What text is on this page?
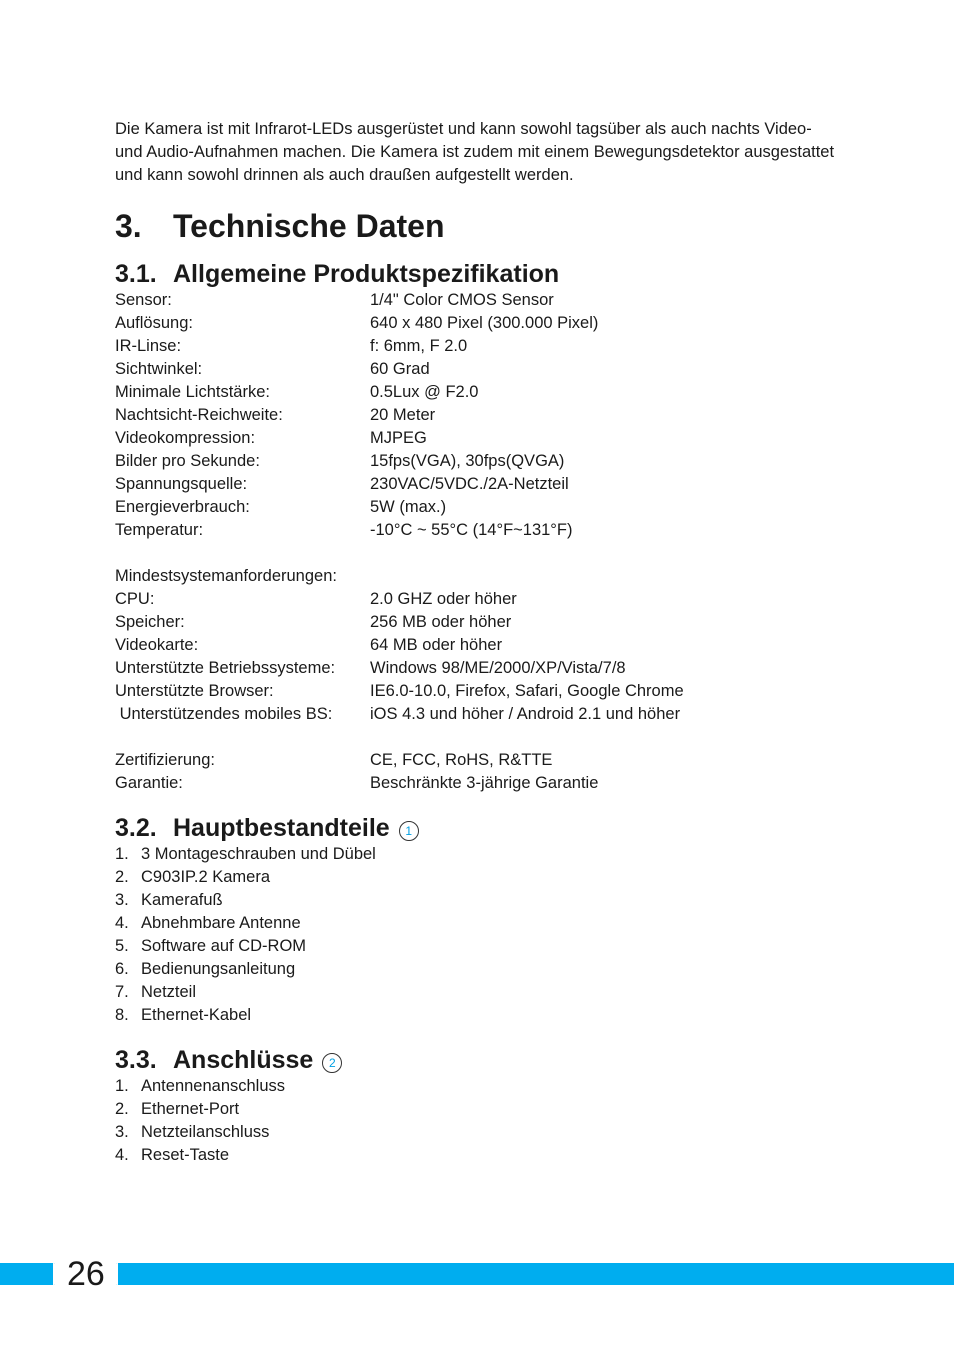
Die Kamera ist mit Infrarot-LEDs ausgerüstet und kann sowohl tagsüber als auch nachts Video- und Audio-Aufnahmen machen. Die Kamera ist zudem mit einem Bewegungsdetektor ausgestattet und kann sowohl drinnen als auch draußen aufgestellt werden.

3. Technische Daten
3.1. Allgemeine Produktspezifikation
Sensor:	1/4" Color CMOS Sensor
Auflösung:	640 x 480 Pixel (300.000 Pixel)
IR-Linse:	f: 6mm, F 2.0
Sichtwinkel:	60 Grad
Minimale Lichtstärke:	0.5Lux @ F2.0
Nachtsicht-Reichweite:	20 Meter
Videokompression:	MJPEG
Bilder pro Sekunde:	15fps(VGA), 30fps(QVGA)
Spannungsquelle:	230VAC/5VDC./2A-Netzteil
Energieverbrauch:	5W (max.)
Temperatur:	-10°C ~ 55°C (14°F~131°F)
Mindestsystemanforderungen:
CPU:	2.0 GHZ oder höher
Speicher:	256 MB oder höher
Videokarte:	64 MB oder höher
Unterstützte Betriebssysteme:	Windows 98/ME/2000/XP/Vista/7/8
Unterstützte Browser:	IE6.0-10.0, Firefox, Safari, Google Chrome
Unterstützendes mobiles BS:	iOS 4.3 und höher / Android 2.1 und höher
Zertifizierung:	CE, FCC, RoHS, R&TTE
Garantie:	Beschränkte 3-jährige Garantie
3.2. Hauptbestandteile	1
1. 3 Montageschrauben und Dübel
2. C903IP.2 Kamera
3. Kamerafuß
4. Abnehmbare Antenne
5. Software auf CD-ROM
6. Bedienungsanleitung
7. Netzteil
8. Ethernet-Kabel
3.3. Anschlüsse	2
1. Antennenanschluss
2. Ethernet-Port
3. Netzteilanschluss
4. Reset-Taste
26
